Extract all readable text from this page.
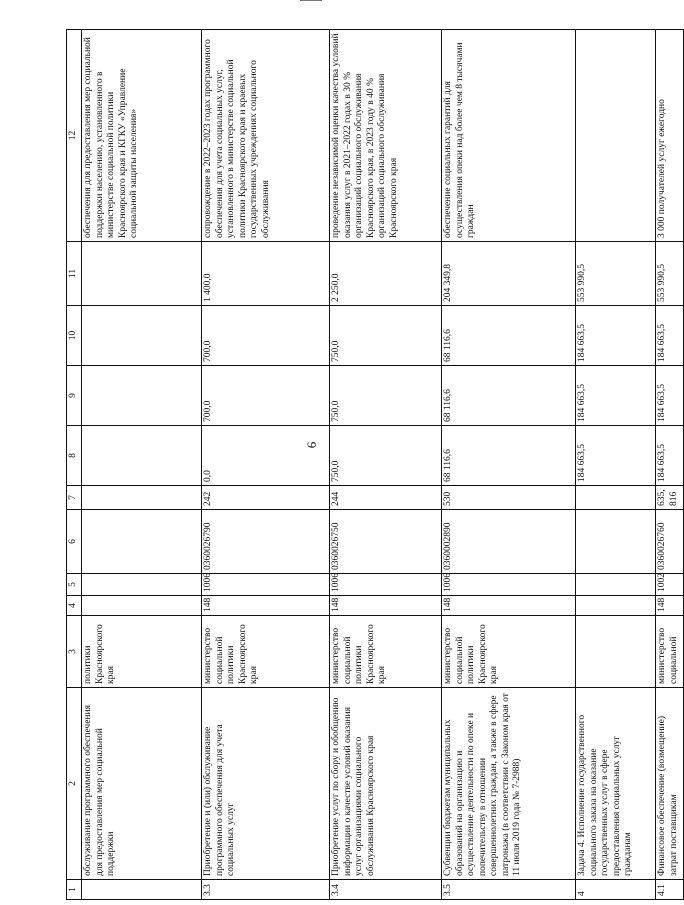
6
1	2	3	4	5	6	7	8	9	10	11	12
	обслуживание программного обеспечения для предоставления мер социальной поддержки	политики Красноярского края									обеспечения для предоставления мер социальной поддержки населению, установленного в министерстве социальной политики Красноярского края и КГКУ «Управление социальной защиты населения»
3.3	Приобретение и (или) обслуживание программного обеспечения для учета социальных услуг	министерство социальной политики Красноярского края	148	1006	0360026790	242	0,0	700,0	700,0	1 400,0	сопровождение в 2022–2023 годах программного обеспечения для учета социальных услуг, установленного в министерстве социальной политики Красноярского края и краевых государственных учреждениях социального обслуживания
3.4	Приобретение услуг по сбору и обобщению информации о качестве условий оказания услуг организациями социального обслуживания Красноярского края	министерство социальной политики Красноярского края	148	1006	0360026750	244	750,0	750,0	750,0	2 250,0	проведение независимой оценки качества условий оказания услуг в 2021–2022 годах в 30 % организаций социального обслуживания Красноярского края, в 2023 году в 40 % организаций социального обслуживания Красноярского края
3.5	Субвенции бюджетам муниципальных образований на организацию и осуществление деятельности по опеке и попечительству в отношении совершеннолетних граждан, а также в сфере патронажа (в соответствии с Законом края от 11 июля 2019 года № 7-2988)	министерство социальной политики Красноярского края	148	1006	0360002890	530	68 116,6	68 116,6	68 116,6	204 349,8	обеспечение социальных гарантий для осуществления опеки над более чем 8 тысячами граждан
4	Задача 4. Исполнение государственного социального заказа на оказание государственных услуг в сфере предоставления социальных услуг гражданам						184 663,5	184 663,5	184 663,5	553 990,5	
4.1	Финансовое обеспечение (возмещение) затрат поставщикам	министерство социальной	148	1002	0360026760	635, 816	184 663,5	184 663,5	184 663,5	553 990,5	3 000 получателей услуг ежегодно
